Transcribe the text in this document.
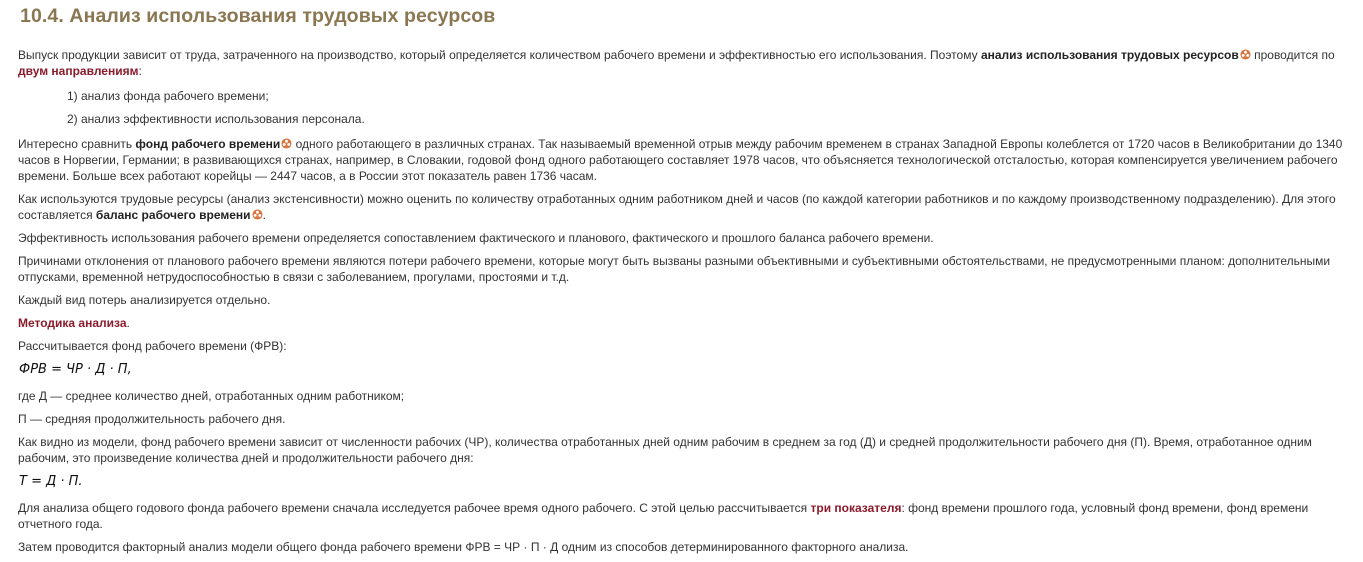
10.4. Анализ использования трудовых ресурсов

Выпуск продукции зависит от труда, затраченного на производство, который определяется количеством рабочего времени и эффективностью его использования. Поэтому анализ использования трудовых ресурсов проводится по двум направлениям:

1) анализ фонда рабочего времени;

2) анализ эффективности использования персонала.

Интересно сравнить фонд рабочего времени одного работающего в различных странах. Так называемый временной отрыв между рабочим временем в странах Западной Европы колеблется от 1720 часов в Великобритании до 1340 часов в Норвегии, Германии; в развивающихся странах, например, в Словакии, годовой фонд одного работающего составляет 1978 часов, что объясняется технологической отсталостью, которая компенсируется увеличением рабочего времени. Больше всех работают корейцы — 2447 часов, а в России этот показатель равен 1736 часам.

Как используются трудовые ресурсы (анализ экстенсивности) можно оценить по количеству отработанных одним работником дней и часов (по каждой категории работников и по каждому производственному подразделению). Для этого составляется баланс рабочего времени .

Эффективность использования рабочего времени определяется сопоставлением фактического и планового, фактического и прошлого баланса рабочего времени.

Причинами отклонения от планового рабочего времени являются потери рабочего времени, которые могут быть вызваны разными объективными и субъективными обстоятельствами, не предусмотренными планом: дополнительными отпусками, временной нетрудоспособностью в связи с заболеванием, прогулами, простоями и т.д.

Каждый вид потерь анализируется отдельно.

Методика анализа.

Рассчитывается фонд рабочего времени (ФРВ):

ФРВ = ЧР · Д · П,

где Д — среднее количество дней, отработанных одним работником;

П — средняя продолжительность рабочего дня.

Как видно из модели, фонд рабочего времени зависит от численности рабочих (ЧР), количества отработанных дней одним рабочим в среднем за год (Д) и средней продолжительности рабочего дня (П). Время, отработанное одним рабочим, это произведение количества дней и продолжительности рабочего дня:

Т = Д · П.

Для анализа общего годового фонда рабочего времени сначала исследуется рабочее время одного рабочего. С этой целью рассчитывается три показателя: фонд времени прошлого года, условный фонд времени, фонд времени отчетного года.

Затем проводится факторный анализ модели общего фонда рабочего времени ФРВ = ЧР · П · Д одним из способов детерминированного факторного анализа.
